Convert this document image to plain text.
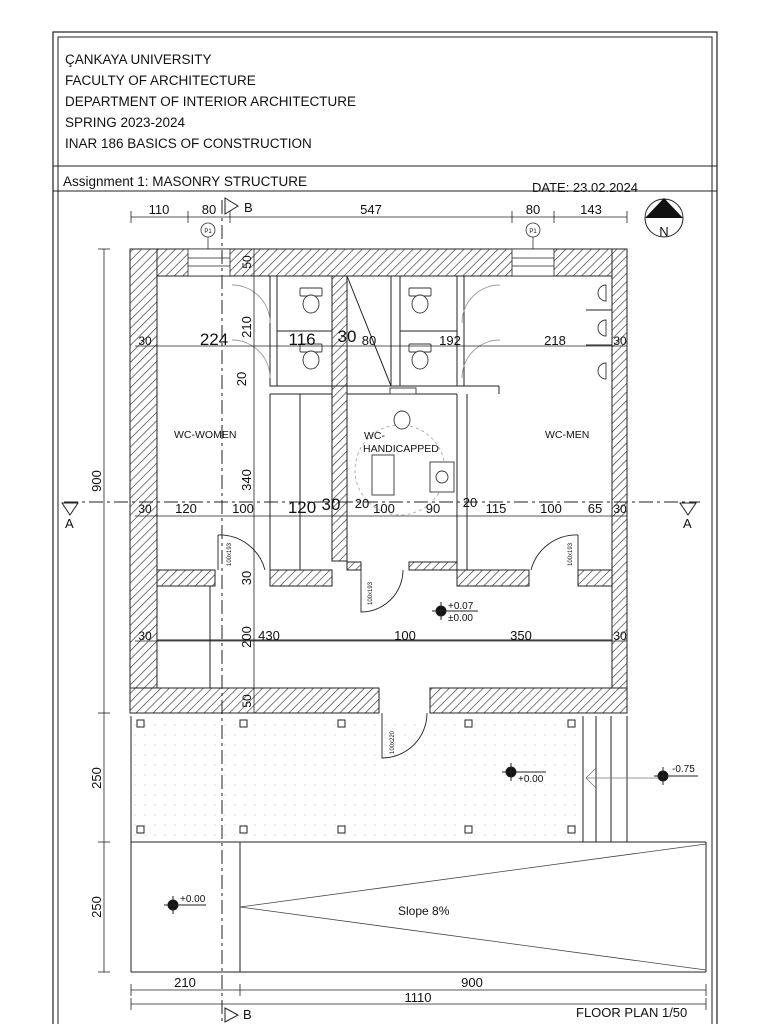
ÇANKAYA UNIVERSITY
FACULTY OF ARCHITECTURE
DEPARTMENT OF INTERIOR ARCHITECTURE
SPRING 2023-2024
INAR 186 BASICS OF CONSTRUCTION
Assignment 1: MASONRY STRUCTURE	DATE: 23.02.2024
FLOOR PLAN 1/50
N
A	A
B
B
P1	P1
WC-WOMEN	WC-
HANDICAPPED
WC-MEN
Slope 8%
+0.07
±0.00
+0.00
-0.75
+0.00
100x193
100x193
100x193
100x220
110 80	547	80	143
900
250
250
210	900
1110
30	224	116 30 80	192	218	30
30 120	100 120 30 20 100 90 20 115	100 65 30
30	430	100	350	30
50
210
20
340
30
200
50
